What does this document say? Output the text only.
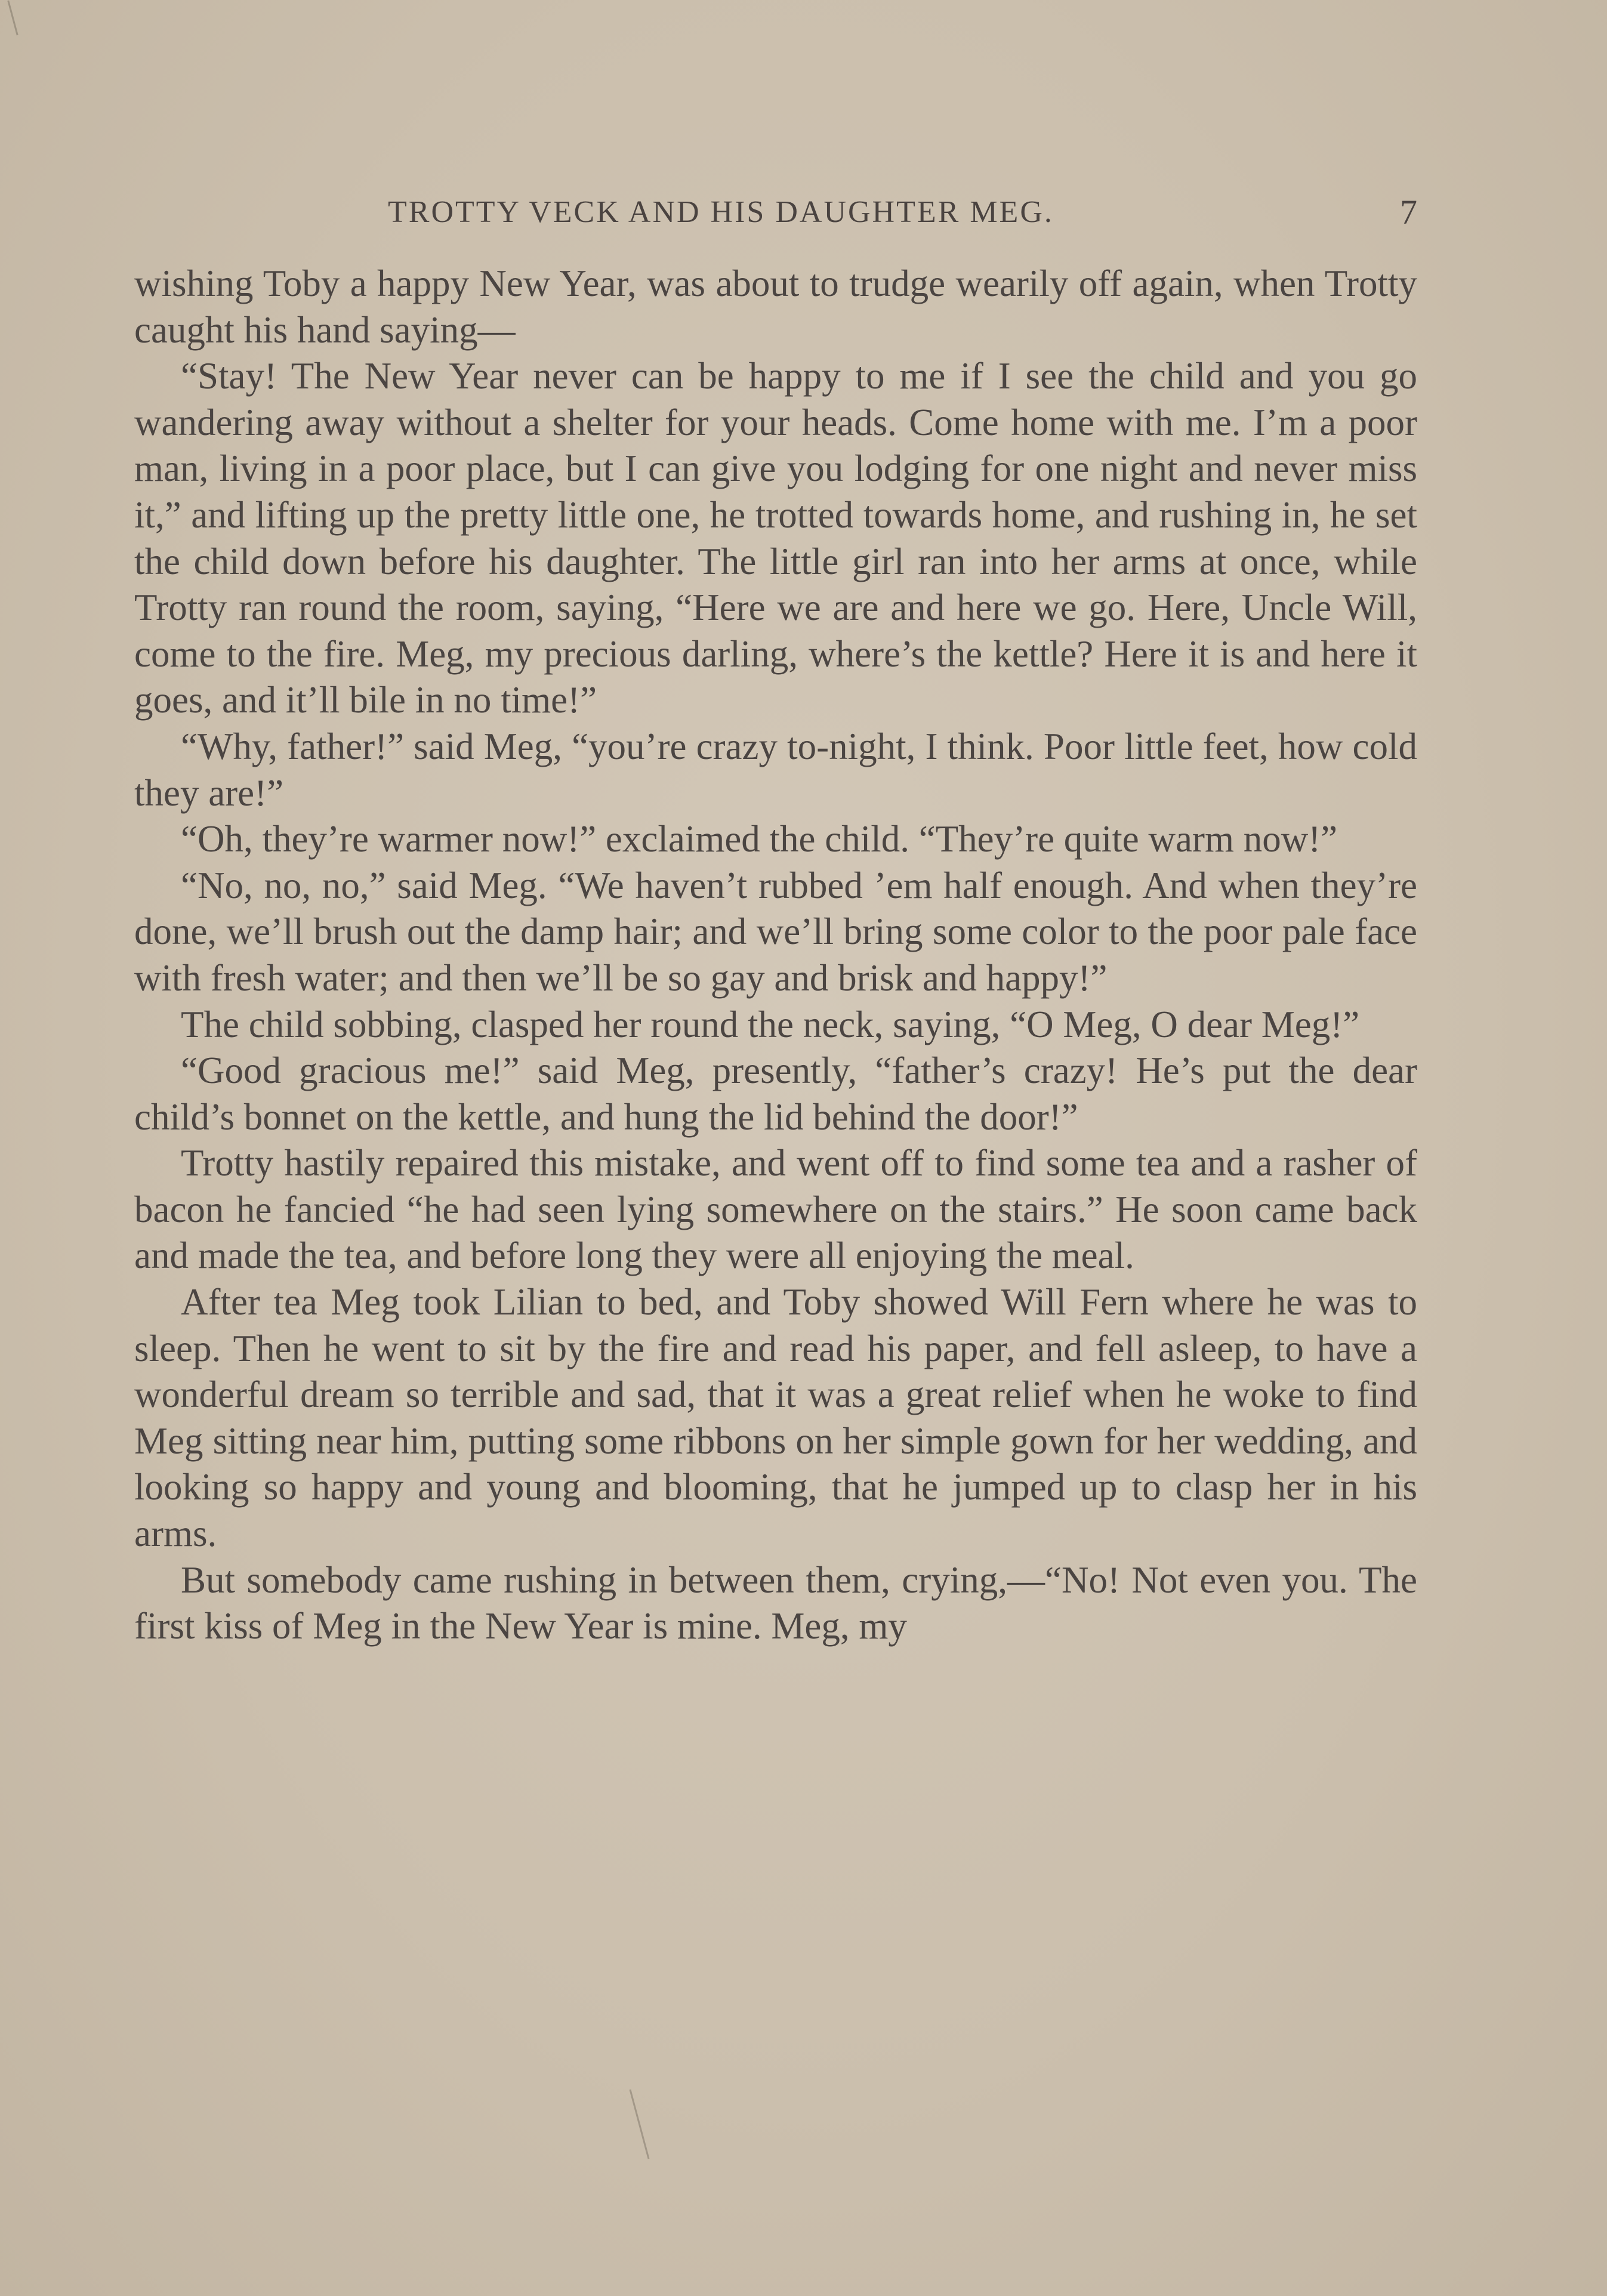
TROTTY VECK AND HIS DAUGHTER MEG.	7

wishing Toby a happy New Year, was about to trudge wearily off again, when Trotty caught his hand saying—

“Stay! The New Year never can be happy to me if I see the child and you go wandering away without a shelter for your heads. Come home with me. I’m a poor man, living in a poor place, but I can give you lodging for one night and never miss it,” and lifting up the pretty little one, he trotted towards home, and rushing in, he set the child down before his daughter. The little girl ran into her arms at once, while Trotty ran round the room, saying, “Here we are and here we go. Here, Uncle Will, come to the fire. Meg, my precious darling, where’s the kettle? Here it is and here it goes, and it’ll bile in no time!”

“Why, father!” said Meg, “you’re crazy to-night, I think. Poor little feet, how cold they are!”

“Oh, they’re warmer now!” exclaimed the child. “They’re quite warm now!”

“No, no, no,” said Meg. “We haven’t rubbed ’em half enough. And when they’re done, we’ll brush out the damp hair; and we’ll bring some color to the poor pale face with fresh water; and then we’ll be so gay and brisk and happy!”

The child sobbing, clasped her round the neck, saying, “O Meg, O dear Meg!”

“Good gracious me!” said Meg, presently, “father’s crazy! He’s put the dear child’s bonnet on the kettle, and hung the lid behind the door!”

Trotty hastily repaired this mistake, and went off to find some tea and a rasher of bacon he fancied “he had seen lying somewhere on the stairs.” He soon came back and made the tea, and before long they were all enjoying the meal.

After tea Meg took Lilian to bed, and Toby showed Will Fern where he was to sleep. Then he went to sit by the fire and read his paper, and fell asleep, to have a wonderful dream so terrible and sad, that it was a great relief when he woke to find Meg sitting near him, putting some ribbons on her simple gown for her wedding, and looking so happy and young and blooming, that he jumped up to clasp her in his arms.

But somebody came rushing in between them, crying,—“No! Not even you. The first kiss of Meg in the New Year is mine. Meg, my
